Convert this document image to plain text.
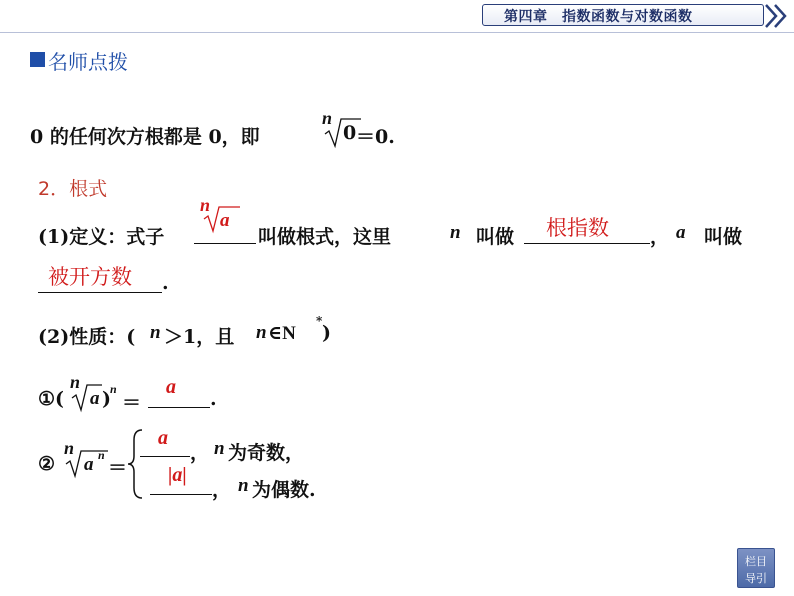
第四章　指数函数与对数函数
名师点拨
0 的任何次方根都是 0，即
n
0 ＝0.
2．根式
(1)定义：式子
n
a
叫做根式，这里	n 叫做 根指数 ， a 叫做
被开方数 .
(2)性质：( n ＞1，且 n ∈N
*
)
①(
n
a ) n
＝
a
.
②
n
a n
＝
a
， n 为奇数，
|a|
， n 为偶数.
栏目
导引
